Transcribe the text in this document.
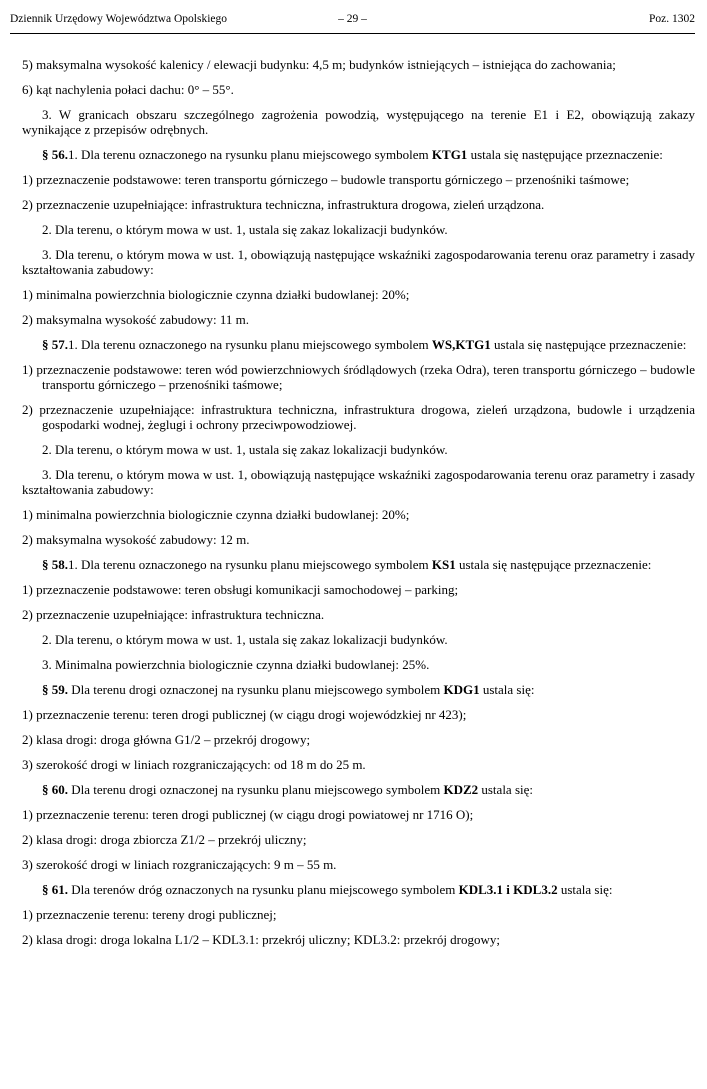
Dziennik Urzędowy Województwa Opolskiego	– 29 –	Poz. 1302

5) maksymalna wysokość kalenicy / elewacji budynku: 4,5 m; budynków istniejących – istniejąca do zachowania;

6) kąt nachylenia połaci dachu: 0° – 55°.

3. W granicach obszaru szczególnego zagrożenia powodzią, występującego na terenie E1 i E2, obowiązują zakazy wynikające z przepisów odrębnych.

§ 56.1. Dla terenu oznaczonego na rysunku planu miejscowego symbolem KTG1 ustala się następujące przeznaczenie:

1) przeznaczenie podstawowe: teren transportu górniczego – budowle transportu górniczego – przenośniki taśmowe;

2) przeznaczenie uzupełniające: infrastruktura techniczna, infrastruktura drogowa, zieleń urządzona.

2. Dla terenu, o którym mowa w ust. 1, ustala się zakaz lokalizacji budynków.

3. Dla terenu, o którym mowa w ust. 1, obowiązują następujące wskaźniki zagospodarowania terenu oraz parametry i zasady kształtowania zabudowy:

1) minimalna powierzchnia biologicznie czynna działki budowlanej: 20%;

2) maksymalna wysokość zabudowy: 11 m.

§ 57.1. Dla terenu oznaczonego na rysunku planu miejscowego symbolem WS,KTG1 ustala się następujące przeznaczenie:

1) przeznaczenie podstawowe: teren wód powierzchniowych śródlądowych (rzeka Odra), teren transportu górniczego – budowle transportu górniczego – przenośniki taśmowe;

2) przeznaczenie uzupełniające: infrastruktura techniczna, infrastruktura drogowa, zieleń urządzona, budowle i urządzenia gospodarki wodnej, żeglugi i ochrony przeciwpowodziowej.

2. Dla terenu, o którym mowa w ust. 1, ustala się zakaz lokalizacji budynków.

3. Dla terenu, o którym mowa w ust. 1, obowiązują następujące wskaźniki zagospodarowania terenu oraz parametry i zasady kształtowania zabudowy:

1) minimalna powierzchnia biologicznie czynna działki budowlanej: 20%;

2) maksymalna wysokość zabudowy: 12 m.

§ 58.1. Dla terenu oznaczonego na rysunku planu miejscowego symbolem KS1 ustala się następujące przeznaczenie:

1) przeznaczenie podstawowe: teren obsługi komunikacji samochodowej – parking;

2) przeznaczenie uzupełniające: infrastruktura techniczna.

2. Dla terenu, o którym mowa w ust. 1, ustala się zakaz lokalizacji budynków.

3. Minimalna powierzchnia biologicznie czynna działki budowlanej: 25%.

§ 59. Dla terenu drogi oznaczonej na rysunku planu miejscowego symbolem KDG1 ustala się:

1) przeznaczenie terenu: teren drogi publicznej (w ciągu drogi wojewódzkiej nr 423);

2) klasa drogi: droga główna G1/2 – przekrój drogowy;

3) szerokość drogi w liniach rozgraniczających: od 18 m do 25 m.

§ 60. Dla terenu drogi oznaczonej na rysunku planu miejscowego symbolem KDZ2 ustala się:

1) przeznaczenie terenu: teren drogi publicznej (w ciągu drogi powiatowej nr 1716 O);

2) klasa drogi: droga zbiorcza Z1/2 – przekrój uliczny;

3) szerokość drogi w liniach rozgraniczających: 9 m – 55 m.

§ 61. Dla terenów dróg oznaczonych na rysunku planu miejscowego symbolem KDL3.1 i KDL3.2 ustala się:

1) przeznaczenie terenu: tereny drogi publicznej;

2) klasa drogi: droga lokalna L1/2 – KDL3.1: przekrój uliczny; KDL3.2: przekrój drogowy;
